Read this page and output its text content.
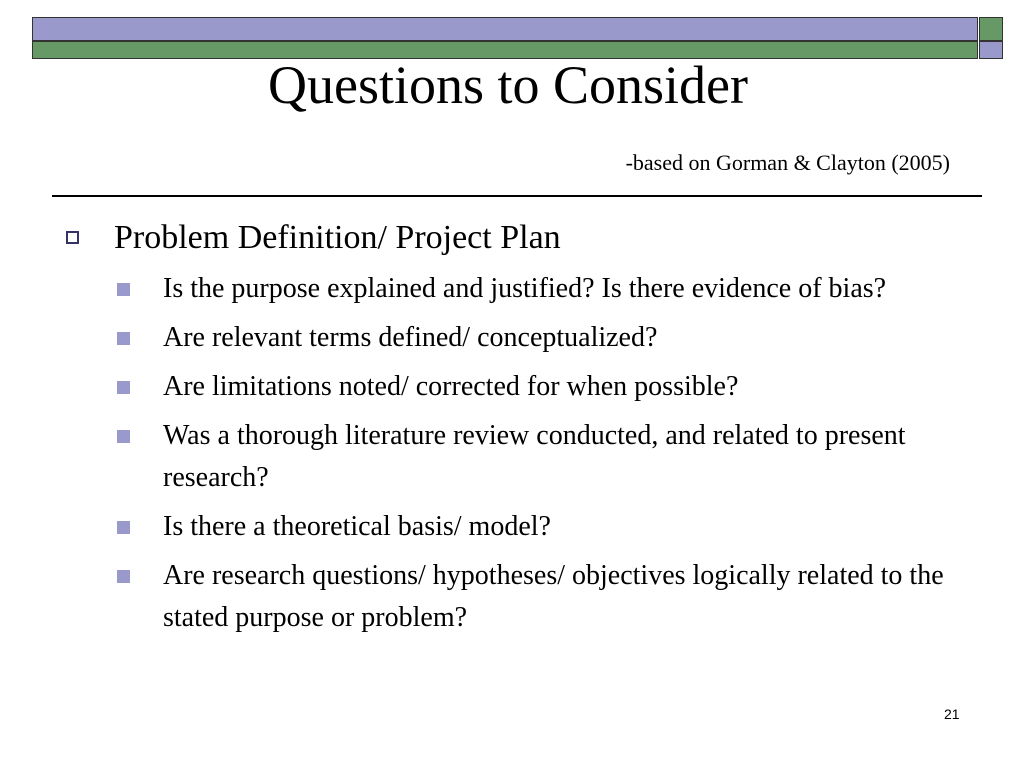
Questions to Consider
-based on Gorman & Clayton (2005)
Problem Definition/ Project Plan
Is the purpose explained and justified? Is there evidence of bias?
Are relevant terms defined/ conceptualized?
Are limitations noted/ corrected for when possible?
Was a thorough literature review conducted, and related to present research?
Is there a theoretical basis/ model?
Are research questions/ hypotheses/ objectives logically related to the stated purpose or problem?
21
